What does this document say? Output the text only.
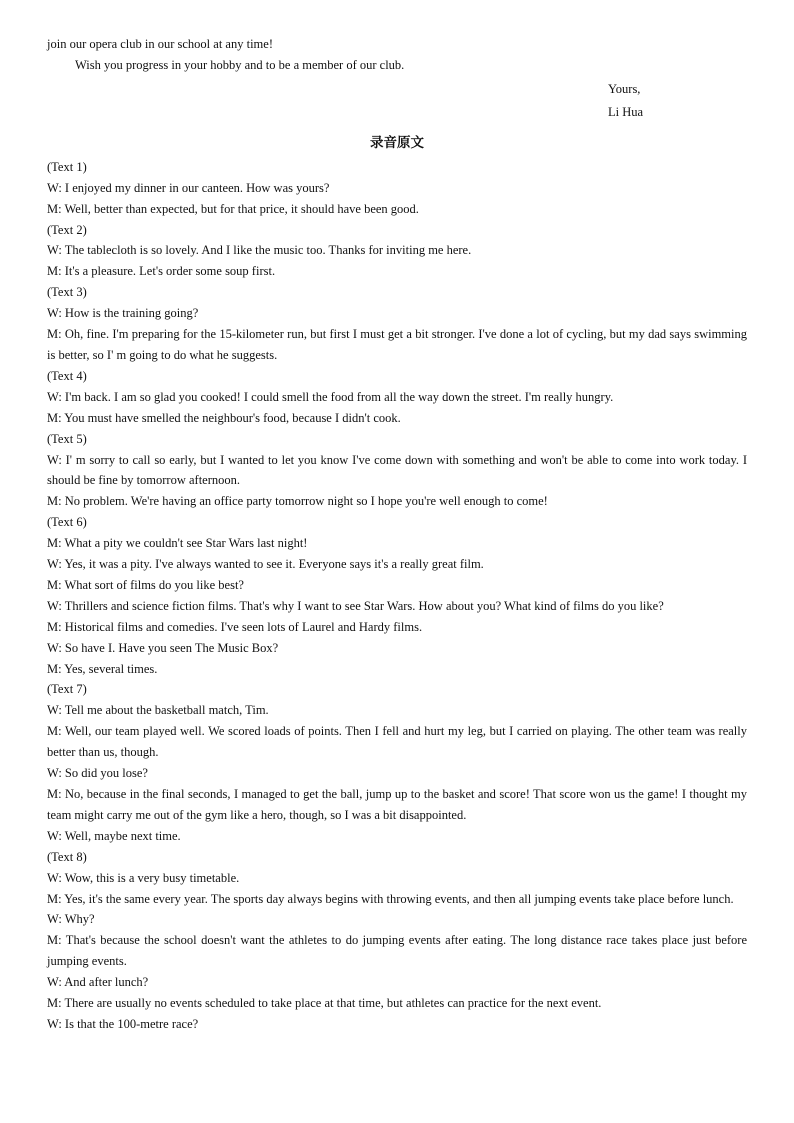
join our opera club in our school at any time!
Wish you progress in your hobby and to be a member of our club.
Yours,
Li Hua
录音原文
(Text 1)
W: I enjoyed my dinner in our canteen. How was yours?
M: Well, better than expected, but for that price, it should have been good.
(Text 2)
W: The tablecloth is so lovely. And I like the music too. Thanks for inviting me here.
M: It's a pleasure. Let's order some soup first.
(Text 3)
W: How is the training going?
M: Oh, fine. I'm preparing for the 15-kilometer run, but first I must get a bit stronger. I've done a lot of cycling, but my dad says swimming is better, so I' m going to do what he suggests.
(Text 4)
W: I'm back. I am so glad you cooked! I could smell the food from all the way down the street. I'm really hungry.
M: You must have smelled the neighbour's food, because I didn't cook.
(Text 5)
W: I' m sorry to call so early, but I wanted to let you know I've come down with something and won't be able to come into work today. I should be fine by tomorrow afternoon.
M: No problem. We're having an office party tomorrow night so I hope you're well enough to come!
(Text 6)
M: What a pity we couldn't see Star Wars last night!
W: Yes, it was a pity. I've always wanted to see it. Everyone says it's a really great film.
M: What sort of films do you like best?
W: Thrillers and science fiction films. That's why I want to see Star Wars. How about you? What kind of films do you like?
M: Historical films and comedies. I've seen lots of Laurel and Hardy films.
W: So have I. Have you seen The Music Box?
M: Yes, several times.
(Text 7)
W: Tell me about the basketball match, Tim.
M: Well, our team played well. We scored loads of points. Then I fell and hurt my leg, but I carried on playing. The other team was really better than us, though.
W: So did you lose?
M: No, because in the final seconds, I managed to get the ball, jump up to the basket and score! That score won us the game! I thought my team might carry me out of the gym like a hero, though, so I was a bit disappointed.
W: Well, maybe next time.
(Text 8)
W: Wow, this is a very busy timetable.
M: Yes, it's the same every year. The sports day always begins with throwing events, and then all jumping events take place before lunch.
W: Why?
M: That's because the school doesn't want the athletes to do jumping events after eating. The long distance race takes place just before jumping events.
W: And after lunch?
M: There are usually no events scheduled to take place at that time, but athletes can practice for the next event.
W: Is that the 100-metre race?
